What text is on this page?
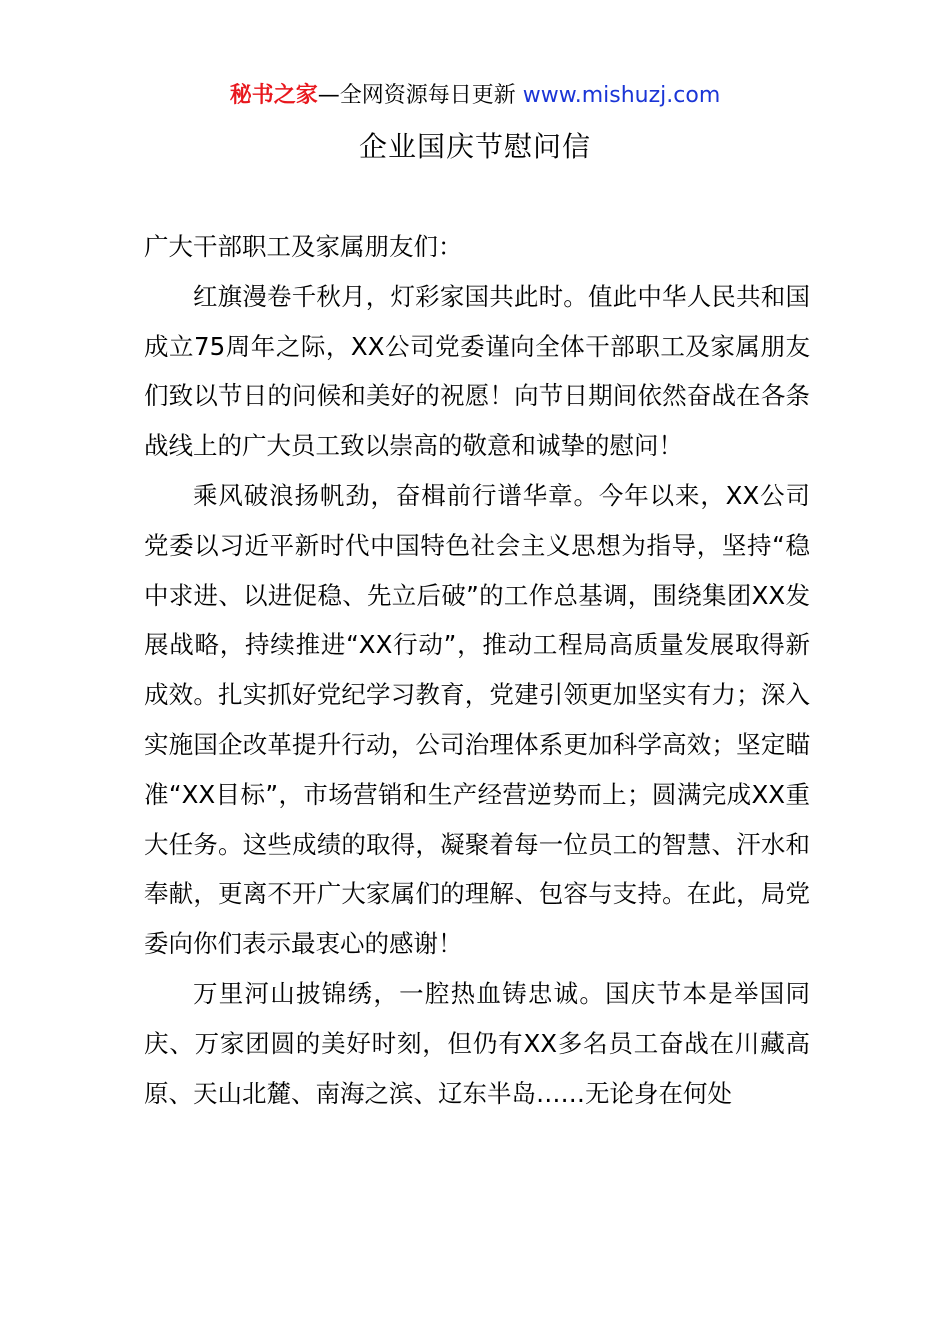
秘书之家—全网资源每日更新 www.mishuzj.com
企业国庆节慰问信

广大干部职工及家属朋友们：

红旗漫卷千秋月，灯彩家国共此时。值此中华人民共和国成立75周年之际，XX公司党委谨向全体干部职工及家属朋友们致以节日的问候和美好的祝愿！向节日期间依然奋战在各条战线上的广大员工致以崇高的敬意和诚挚的慰问！

乘风破浪扬帆劲，奋楫前行谱华章。今年以来，XX公司党委以习近平新时代中国特色社会主义思想为指导，坚持“稳中求进、以进促稳、先立后破”的工作总基调，围绕集团XX发展战略，持续推进“XX行动”，推动工程局高质量发展取得新成效。扎实抓好党纪学习教育，党建引领更加坚实有力；深入实施国企改革提升行动，公司治理体系更加科学高效；坚定瞄准“XX目标”，市场营销和生产经营逆势而上；圆满完成XX重大任务。这些成绩的取得，凝聚着每一位员工的智慧、汗水和奉献，更离不开广大家属们的理解、包容与支持。在此，局党委向你们表示最衷心的感谢！

万里河山披锦绣，一腔热血铸忠诚。国庆节本是举国同庆、万家团圆的美好时刻，但仍有XX多名员工奋战在川藏高原、天山北麓、南海之滨、辽东半岛……无论身在何处
